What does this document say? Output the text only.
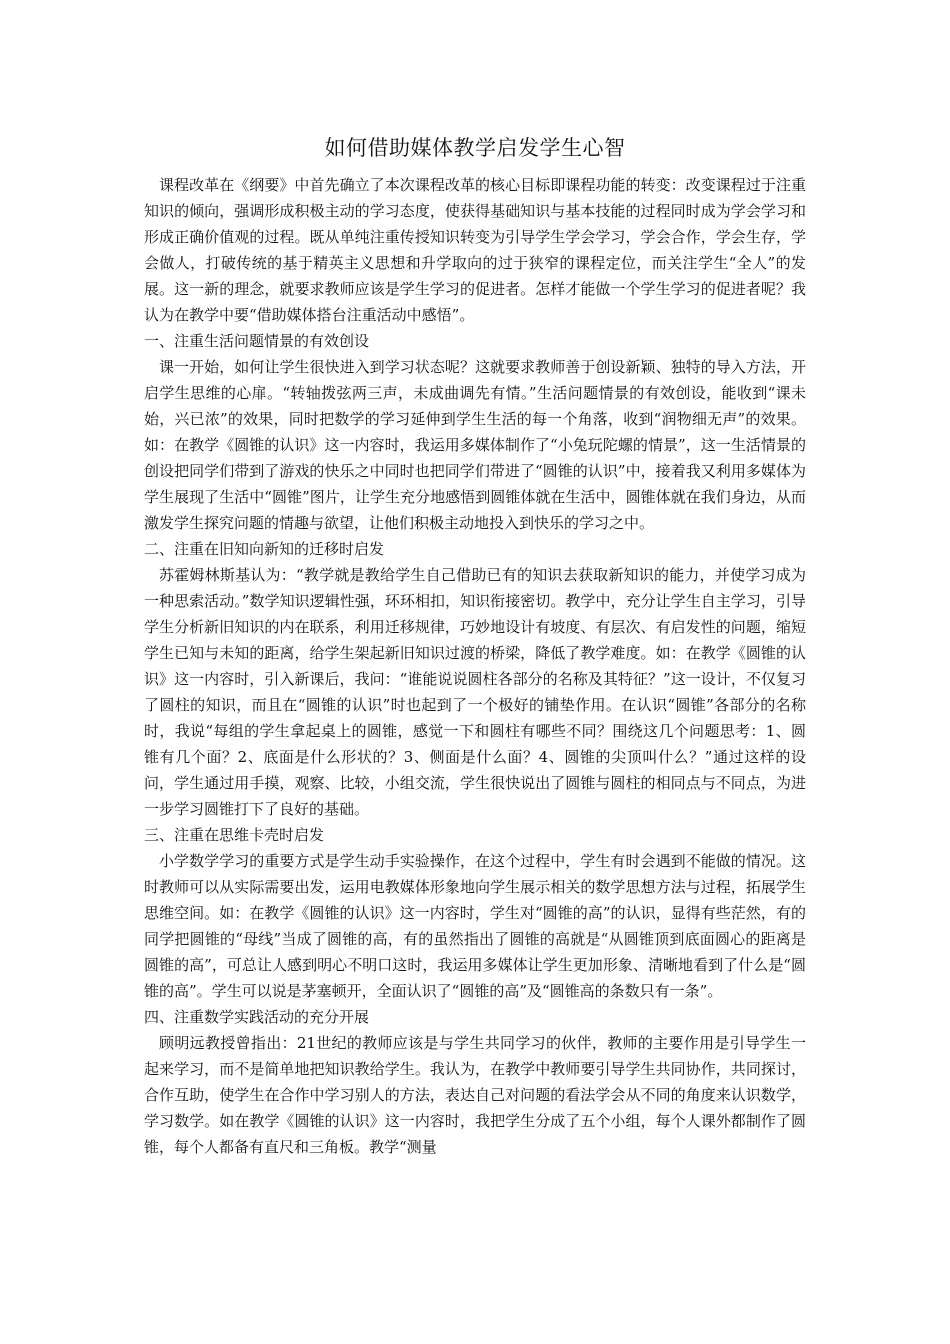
如何借助媒体教学启发学生心智

课程改革在《纲要》中首先确立了本次课程改革的核心目标即课程功能的转变：改变课程过于注重知识的倾向，强调形成积极主动的学习态度，使获得基础知识与基本技能的过程同时成为学会学习和形成正确价值观的过程。既从单纯注重传授知识转变为引导学生学会学习，学会合作，学会生存，学会做人，打破传统的基于精英主义思想和升学取向的过于狭窄的课程定位，而关注学生“全人”的发展。这一新的理念，就要求教师应该是学生学习的促进者。怎样才能做一个学生学习的促进者呢？我认为在教学中要“借助媒体搭台注重活动中感悟”。

一、注重生活问题情景的有效创设

课一开始，如何让学生很快进入到学习状态呢？这就要求教师善于创设新颖、独特的导入方法，开启学生思维的心扉。“转轴拨弦两三声，未成曲调先有情。”生活问题情景的有效创设，能收到“课未始，兴已浓”的效果，同时把数学的学习延伸到学生生活的每一个角落，收到“润物细无声”的效果。如：在教学《圆锥的认识》这一内容时，我运用多媒体制作了“小兔玩陀螺的情景”，这一生活情景的创设把同学们带到了游戏的快乐之中同时也把同学们带进了“圆锥的认识”中，接着我又利用多媒体为学生展现了生活中“圆锥”图片，让学生充分地感悟到圆锥体就在生活中，圆锥体就在我们身边，从而激发学生探究问题的情趣与欲望，让他们积极主动地投入到快乐的学习之中。

二、注重在旧知向新知的迁移时启发

苏霍姆林斯基认为：“教学就是教给学生自己借助已有的知识去获取新知识的能力，并使学习成为一种思索活动。”数学知识逻辑性强，环环相扣，知识衔接密切。教学中，充分让学生自主学习，引导学生分析新旧知识的内在联系，利用迁移规律，巧妙地设计有坡度、有层次、有启发性的问题，缩短学生已知与未知的距离，给学生架起新旧知识过渡的桥梁，降低了教学难度。如：在教学《圆锥的认识》这一内容时，引入新课后，我问：“谁能说说圆柱各部分的名称及其特征？”这一设计，不仅复习了圆柱的知识，而且在“圆锥的认识”时也起到了一个极好的铺垫作用。在认识“圆锥”各部分的名称时，我说“每组的学生拿起桌上的圆锥，感觉一下和圆柱有哪些不同？围绕这几个问题思考：1、圆锥有几个面？2、底面是什么形状的？3、侧面是什么面？4、圆锥的尖顶叫什么？”通过这样的设问，学生通过用手摸，观察、比较，小组交流，学生很快说出了圆锥与圆柱的相同点与不同点，为进一步学习圆锥打下了良好的基础。

三、注重在思维卡壳时启发

小学数学学习的重要方式是学生动手实验操作，在这个过程中，学生有时会遇到不能做的情况。这时教师可以从实际需要出发，运用电教媒体形象地向学生展示相关的数学思想方法与过程，拓展学生思维空间。如：在教学《圆锥的认识》这一内容时，学生对“圆锥的高”的认识，显得有些茫然，有的同学把圆锥的“母线”当成了圆锥的高，有的虽然指出了圆锥的高就是“从圆锥顶到底面圆心的距离是圆锥的高”，可总让人感到明心不明口这时，我运用多媒体让学生更加形象、清晰地看到了什么是“圆锥的高”。学生可以说是茅塞顿开，全面认识了“圆锥的高”及“圆锥高的条数只有一条”。

四、注重数学实践活动的充分开展

顾明远教授曾指出：21世纪的教师应该是与学生共同学习的伙伴，教师的主要作用是引导学生一起来学习，而不是简单地把知识教给学生。我认为，在教学中教师要引导学生共同协作，共同探讨，合作互助，使学生在合作中学习别人的方法，表达自己对问题的看法学会从不同的角度来认识数学，学习数学。如在教学《圆锥的认识》这一内容时，我把学生分成了五个小组，每个人课外都制作了圆锥，每个人都备有直尺和三角板。教学“测量
